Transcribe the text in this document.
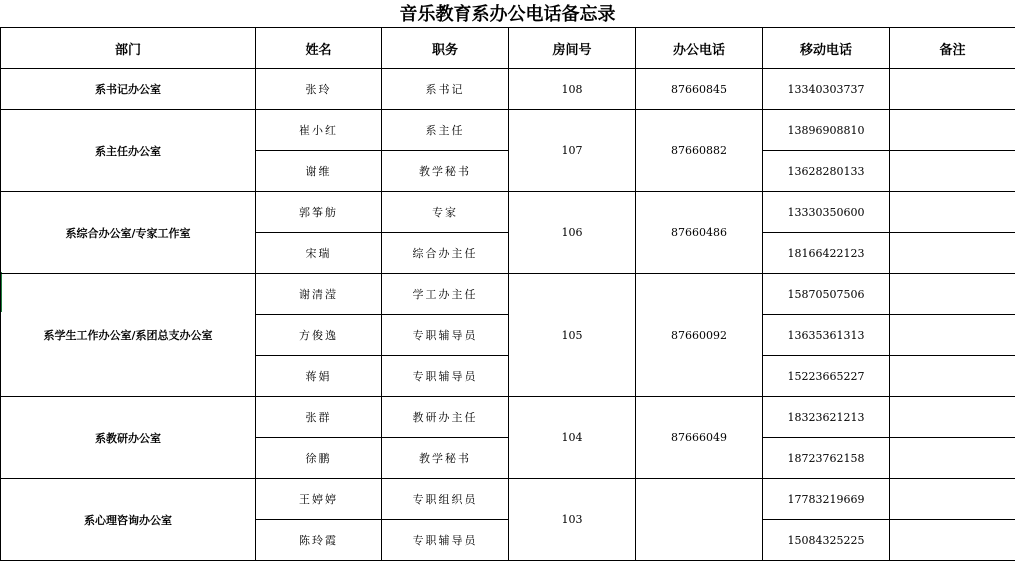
音乐教育系办公电话备忘录
部门	姓名	职务	房间号	办公电话	移动电话	备注
系书记办公室	张玲	系书记	108	87660845	13340303737	
系主任办公室	崔小红	系主任	107	87660882	13896908810	
	谢维	教学秘书			13628280133	
系综合办公室/专家工作室	郭筝舫	专家	106	87660486	13330350600	
	宋瑞	综合办主任			18166422123	
系学生工作办公室/系团总支办公室	谢清滢	学工办主任	105	87660092	15870507506	
	方俊逸	专职辅导员			13635361313	
	蒋娟	专职辅导员			15223665227	
系教研办公室	张群	教研办主任	104	87666049	18323621213	
	徐鹏	教学秘书			18723762158	
系心理咨询办公室	王婷婷	专职组织员	103		17783219669	
	陈玲霞	专职辅导员			15084325225	
